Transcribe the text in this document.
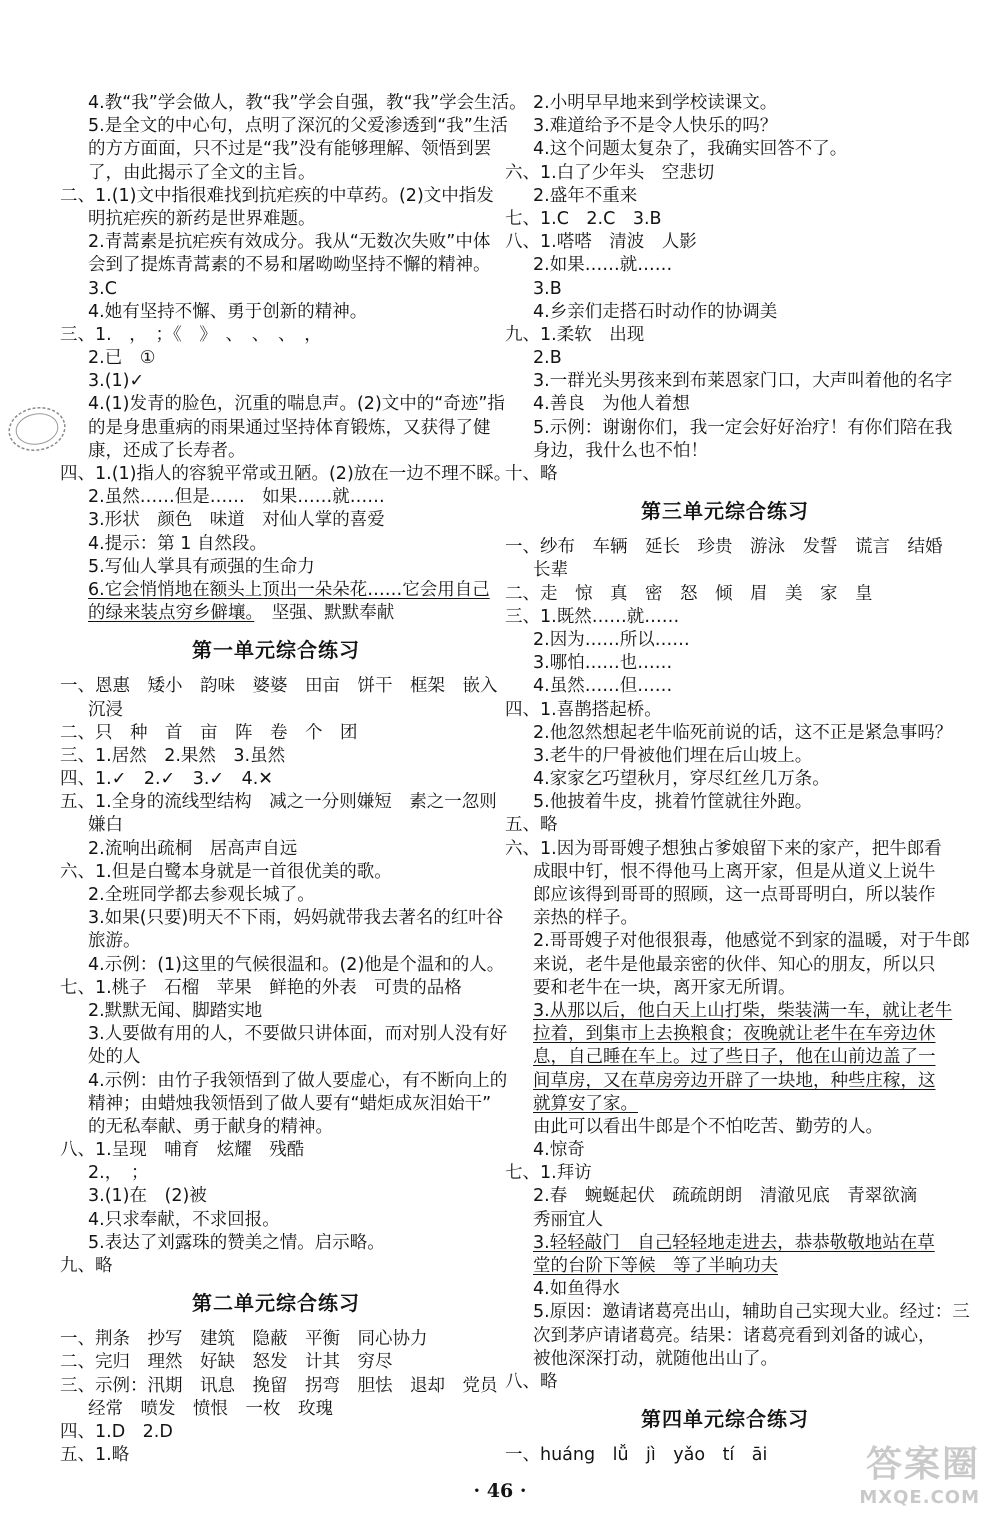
4.教“我”学会做人，教“我”学会自强，教“我”学会生活。
5.是全文的中心句，点明了深沉的父爱渗透到“我”生活
的方方面面，只不过是“我”没有能够理解、领悟到罢
了，由此揭示了全文的主旨。
二、1.(1)文中指很难找到抗疟疾的中草药。(2)文中指发
明抗疟疾的新药是世界难题。
2.青蒿素是抗疟疾有效成分。我从“无数次失败”中体
会到了提炼青蒿素的不易和屠呦呦坚持不懈的精神。
3.C
4.她有坚持不懈、勇于创新的精神。
三、1.　，　；《　》　、　、　、　，
2.已　①
3.(1)✓
4.(1)发青的脸色，沉重的喘息声。(2)文中的“奇迹”指
的是身患重病的雨果通过坚持体育锻炼，又获得了健
康，还成了长寿者。
四、1.(1)指人的容貌平常或丑陋。(2)放在一边不理不睬。
2.虽然……但是……　如果……就……
3.形状　颜色　味道　对仙人掌的喜爱
4.提示：第 1 自然段。
5.写仙人掌具有顽强的生命力
6.它会悄悄地在额头上顶出一朵朵花……它会用自己
的绿来装点穷乡僻壤。　坚强、默默奉献
第一单元综合练习
一、恩惠　矮小　韵味　婆婆　田亩　饼干　框架　嵌入
沉浸
二、只　种　首　亩　阵　卷　个　团
三、1.居然　2.果然　3.虽然
四、1.✓　2.✓　3.✓　4.✕
五、1.全身的流线型结构　减之一分则嫌短　素之一忽则
嫌白
2.流响出疏桐　居高声自远
六、1.但是白鹭本身就是一首很优美的歌。
2.全班同学都去参观长城了。
3.如果(只要)明天不下雨，妈妈就带我去著名的红叶谷
旅游。
4.示例：(1)这里的气候很温和。(2)他是个温和的人。
七、1.桃子　石榴　苹果　鲜艳的外表　可贵的品格
2.默默无闻、脚踏实地
3.人要做有用的人，不要做只讲体面，而对别人没有好
处的人
4.示例：由竹子我领悟到了做人要虚心，有不断向上的
精神；由蜡烛我领悟到了做人要有“蜡炬成灰泪始干”
的无私奉献、勇于献身的精神。
八、1.呈现　哺育　炫耀　残酷
2.，　；
3.(1)在　(2)被
4.只求奉献，不求回报。
5.表达了刘露珠的赞美之情。启示略。
九、略
第二单元综合练习
一、荆条　抄写　建筑　隐蔽　平衡　同心协力
二、完归　理然　好缺　怒发　计其　穷尽
三、示例：汛期　讯息　挽留　拐弯　胆怯　退却　党员
经常　喷发　愤恨　一枚　玫瑰
四、1.D　2.D
五、1.略
2.小明早早地来到学校读课文。
3.难道给予不是令人快乐的吗？
4.这个问题太复杂了，我确实回答不了。
六、1.白了少年头　空悲切
2.盛年不重来
七、1.C　2.C　3.B
八、1.嗒嗒　清波　人影
2.如果……就……
3.B
4.乡亲们走搭石时动作的协调美
九、1.柔软　出现
2.B
3.一群光头男孩来到布莱恩家门口，大声叫着他的名字
4.善良　为他人着想
5.示例：谢谢你们，我一定会好好治疗！有你们陪在我
身边，我什么也不怕！
十、略
第三单元综合练习
一、纱布　车辆　延长　珍贵　游泳　发誓　谎言　结婚
长辈
二、走　惊　真　密　怒　倾　眉　美　家　皇
三、1.既然……就……
2.因为……所以……
3.哪怕……也……
4.虽然……但……
四、1.喜鹊搭起桥。
2.他忽然想起老牛临死前说的话，这不正是紧急事吗？
3.老牛的尸骨被他们埋在后山坡上。
4.家家乞巧望秋月，穿尽红丝几万条。
5.他披着牛皮，挑着竹筐就往外跑。
五、略
六、1.因为哥哥嫂子想独占爹娘留下来的家产，把牛郎看
成眼中钉，恨不得他马上离开家，但是从道义上说牛
郎应该得到哥哥的照顾，这一点哥哥明白，所以装作
亲热的样子。
2.哥哥嫂子对他很狠毒，他感觉不到家的温暖，对于牛郎
来说，老牛是他最亲密的伙伴、知心的朋友，所以只
要和老牛在一块，离开家无所谓。
3.从那以后，他白天上山打柴，柴装满一车，就让老牛
拉着，到集市上去换粮食；夜晚就让老牛在车旁边休
息，自己睡在车上。过了些日子，他在山前边盖了一
间草房，又在草房旁边开辟了一块地，种些庄稼，这
就算安了家。
由此可以看出牛郎是个不怕吃苦、勤劳的人。
4.惊奇
七、1.拜访
2.春　蜿蜒起伏　疏疏朗朗　清澈见底　青翠欲滴
秀丽宜人
3.轻轻敲门　自己轻轻地走进去，恭恭敬敬地站在草
堂的台阶下等候　等了半晌功夫
4.如鱼得水
5.原因：邀请诸葛亮出山，辅助自己实现大业。经过：三
次到茅庐请诸葛亮。结果：诸葛亮看到刘备的诚心，
被他深深打动，就随他出山了。
八、略
第四单元综合练习
一、huáng　lǚ　jì　yǎo　tí　āi
· 46 ·
答案圈
MXQE.COM
